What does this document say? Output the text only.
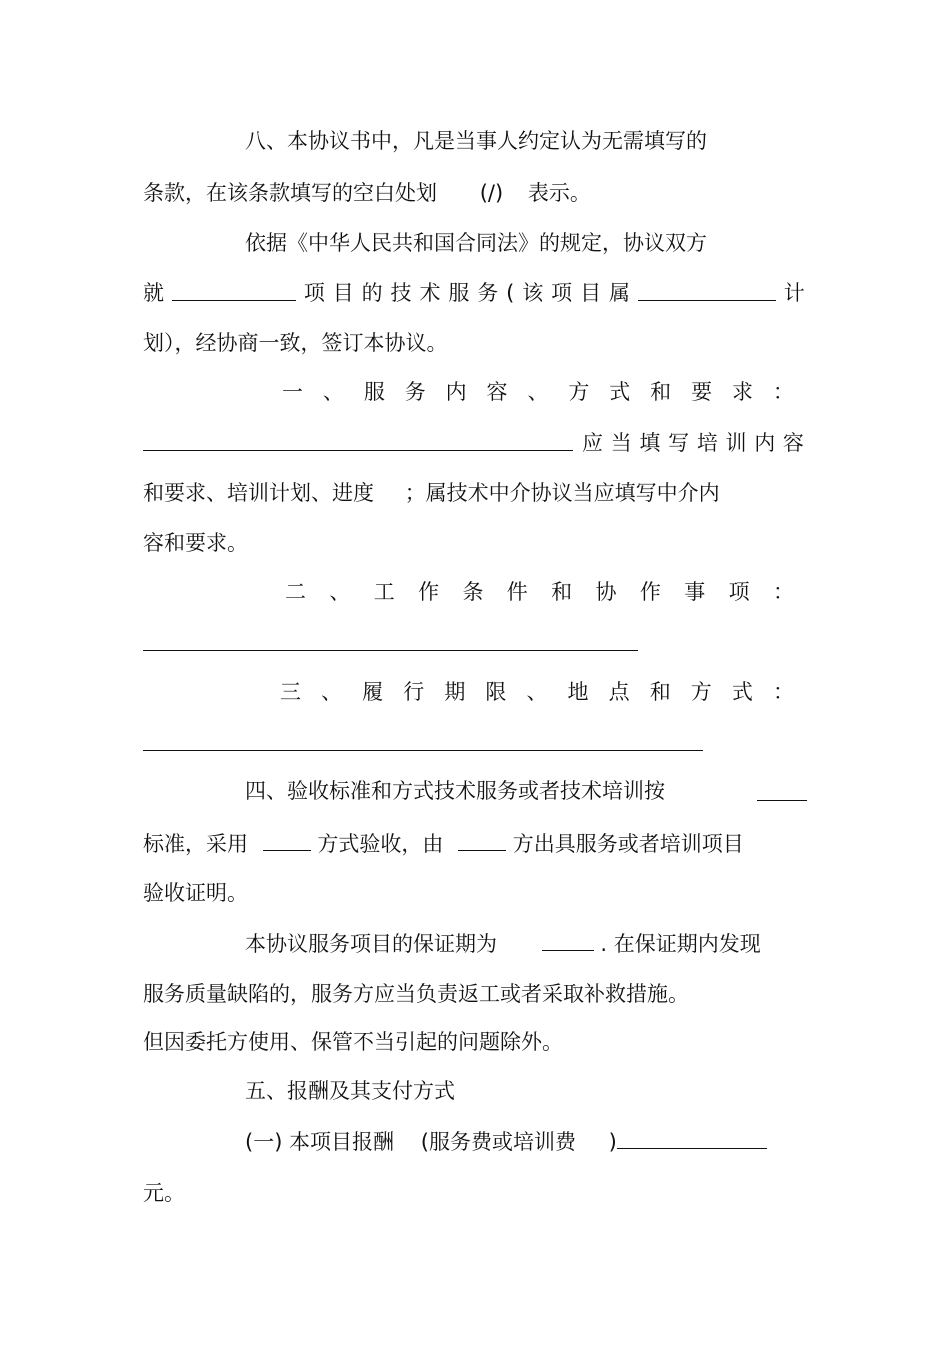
八、本协议书中，凡是当事人约定认为无需填写的
条款，在该条款填写的空白处划 (/) 表示。
依据《中华人民共和国合同法》的规定，协议双方
就	项 目 的 技 术 服 务 ( 该 项 目 属	计
划），经协商一致，签订本协议。
一 、 服 务 内 容 、 方 式 和 要 求 ：
应 当 填 写 培 训 内 容
和要求、培训计划、进度 ；属技术中介协议当应填写中介内
容和要求。
二 、 工 作 条 件 和 协 作 事 项 ：
三 、 履 行 期 限 、 地 点 和 方 式 ：
四、验收标准和方式技术服务或者技术培训按
标准，采用	方式验收，由	方出具服务或者培训项目
验收证明。
本协议服务项目的保证期为	. 在保证期内发现
服务质量缺陷的，服务方应当负责返工或者采取补救措施。
但因委托方使用、保管不当引起的问题除外。
五、报酬及其支付方式
(一) 本项目报酬 (服务费或培训费 )
元。
